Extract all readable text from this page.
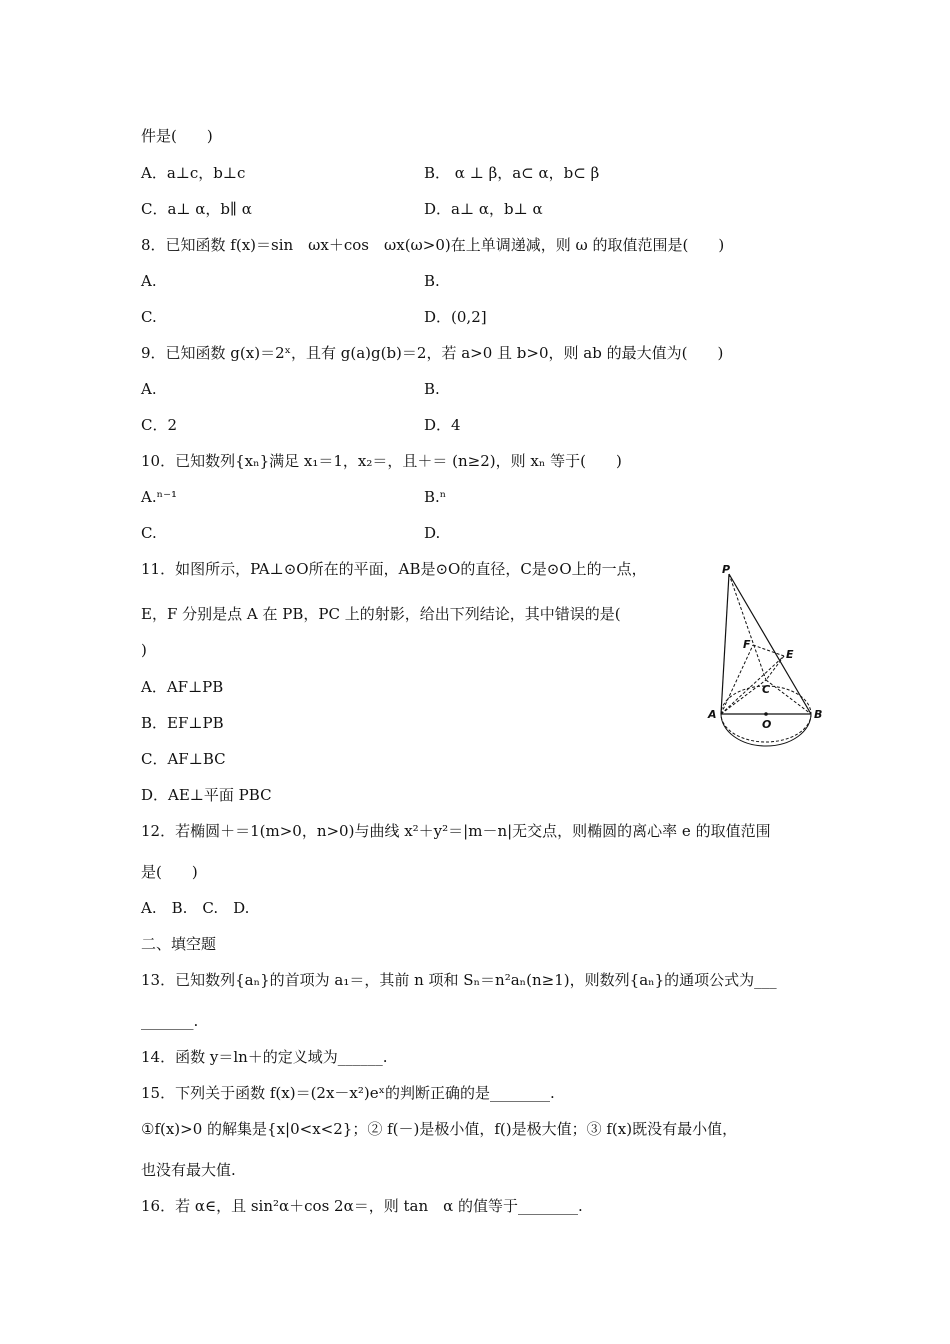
件是(　　)
A．a⊥c，b⊥c	B． α ⊥ β，a⊂ α，b⊂ β
C．a⊥ α，b∥ α	D．a⊥ α，b⊥ α
8．已知函数 f(x)＝sin　ωx＋cos　ωx(ω>0)在上单调递减，则 ω 的取值范围是(　　)
A.	B.
C.	D．(0,2]
9．已知函数 g(x)＝2ˣ，且有 g(a)g(b)＝2，若 a>0 且 b>0，则 ab 的最大值为(　　)
A.	B.
C．2	D．4
10．已知数列{xₙ}满足 x₁＝1，x₂＝，且＋＝ (n≥2)，则 xₙ 等于(　　)
A.ⁿ⁻¹	B.ⁿ
C.	D.
11．如图所示，PA⊥⊙O所在的平面，AB是⊙O的直径，C是⊙O上的一点，
E，F 分别是点 A 在 PB，PC 上的射影，给出下列结论，其中错误的是(
)
A．AF⊥PB
B．EF⊥PB
C．AF⊥BC
D．AE⊥平面 PBC
P
F
E
C
A
O
B
12．若椭圆＋＝1(m>0，n>0)与曲线 x²＋y²＝|m－n|无交点，则椭圆的离心率 e 的取值范围
是(　　)
A.　B.　C.　D.
二、填空题
13．已知数列{aₙ}的首项为 a₁＝，其前 n 项和 Sₙ＝n²aₙ(n≥1)，则数列{aₙ}的通项公式为___
_______.
14．函数 y＝ln＋的定义域为______.
15．下列关于函数 f(x)＝(2x－x²)eˣ的判断正确的是________.
①f(x)>0 的解集是{x|0<x<2}；② f(－)是极小值，f()是极大值；③ f(x)既没有最小值，
也没有最大值.
16．若 α∈，且 sin²α＋cos 2α＝，则 tan　α 的值等于________.
